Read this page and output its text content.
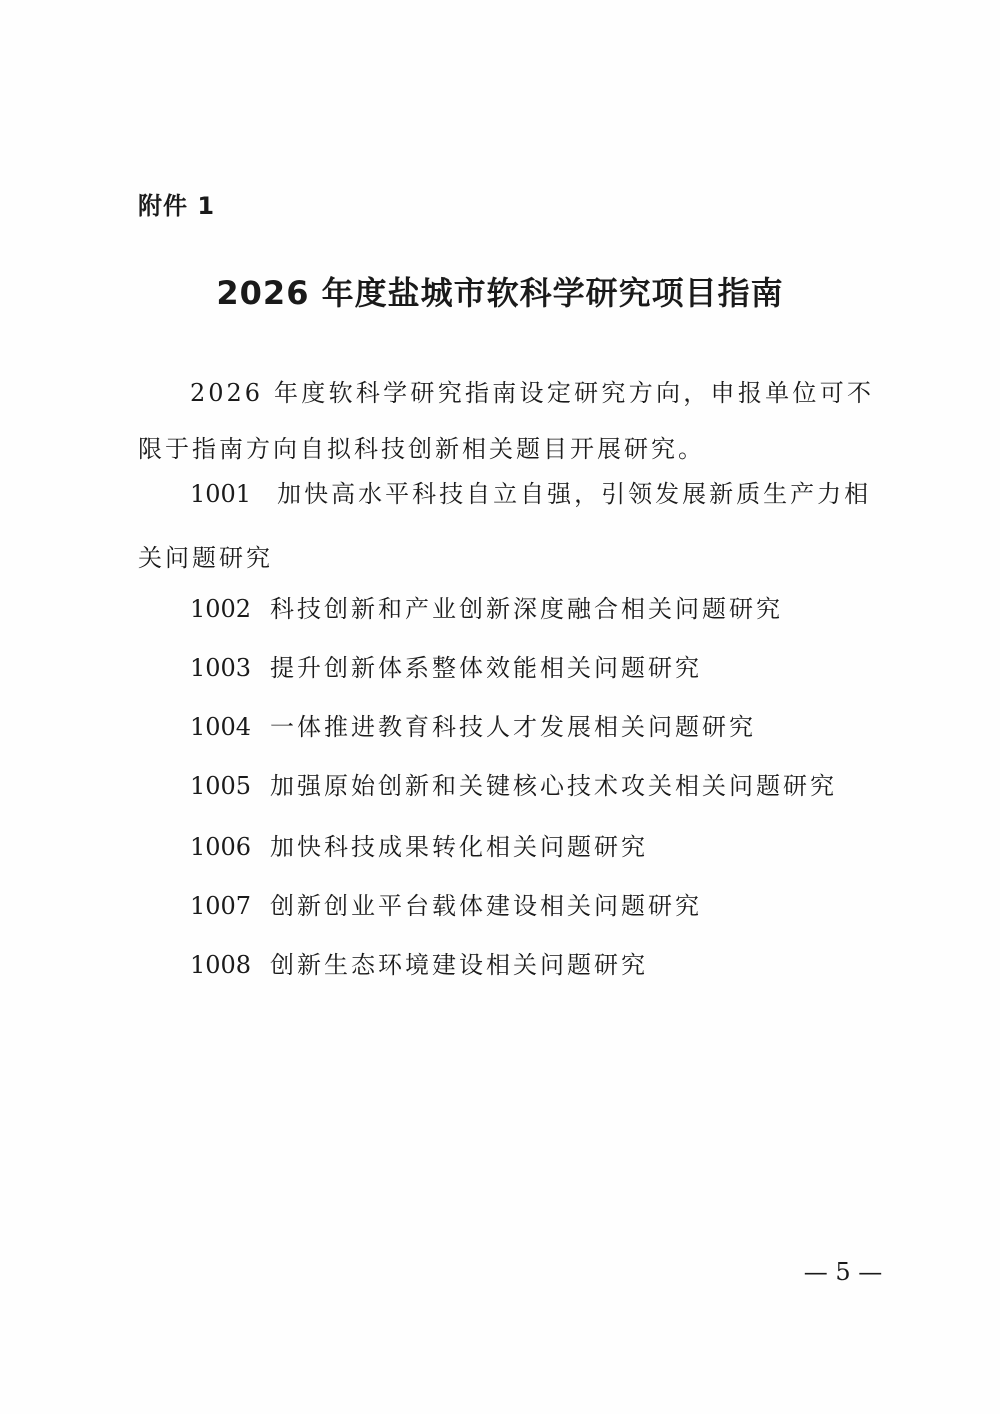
附件 1
2026 年度盐城市软科学研究项目指南

2026 年度软科学研究指南设定研究方向，申报单位可不限于指南方向自拟科技创新相关题目开展研究。

1001 加快高水平科技自立自强，引领发展新质生产力相关问题研究
1002 科技创新和产业创新深度融合相关问题研究
1003 提升创新体系整体效能相关问题研究
1004 一体推进教育科技人才发展相关问题研究
1005 加强原始创新和关键核心技术攻关相关问题研究
1006 加快科技成果转化相关问题研究
1007 创新创业平台载体建设相关问题研究
1008 创新生态环境建设相关问题研究
— 5 —
